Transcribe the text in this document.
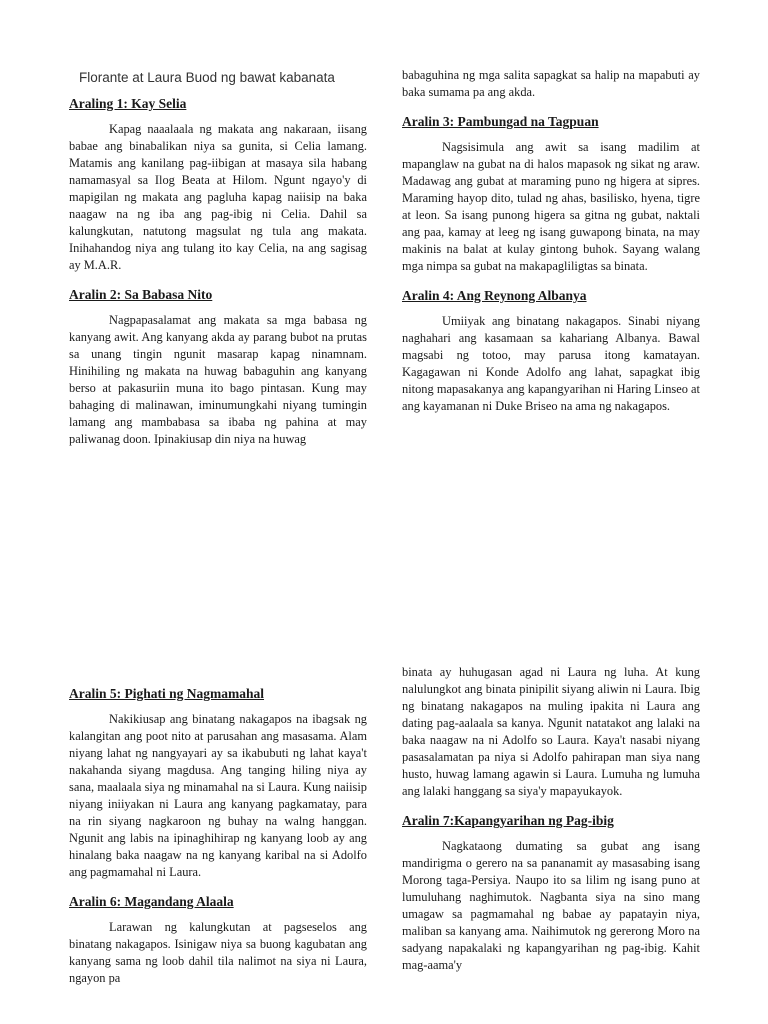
Florante at Laura Buod ng bawat kabanata
Araling 1: Kay Selia

Kapag naaalaala ng makata ang nakaraan, iisang babae ang binabalikan niya sa gunita, si Celia lamang. Matamis ang kanilang pag-iibigan at masaya sila habang namamasyal sa Ilog Beata at Hilom. Ngunt ngayo'y di mapigilan ng makata ang pagluha kapag naiisip na baka naagaw na ng iba ang pag-ibig ni Celia. Dahil sa kalungkutan, natutong magsulat ng tula ang makata. Inihahandog niya ang tulang ito kay Celia, na ang sagisag ay M.A.R.

Aralin 2: Sa Babasa Nito

Nagpapasalamat ang makata sa mga babasa ng kanyang awit. Ang kanyang akda ay parang bubot na prutas sa unang tingin ngunit masarap kapag ninamnam. Hinihiling ng makata na huwag babaguhin ang kanyang berso at pakasuriin muna ito bago pintasan. Kung may bahaging di malinawan, iminumungkahi niyang tumingin lamang ang mambabasa sa ibaba ng pahina at may paliwanag doon. Ipinakiusap din niya na huwag

babaguhina ng mga salita sapagkat sa halip na mapabuti ay baka sumama pa ang akda.

Aralin 3: Pambungad na Tagpuan

Nagsisimula ang awit sa isang madilim at mapanglaw na gubat na di halos mapasok ng sikat ng araw. Madawag ang gubat at maraming puno ng higera at sipres. Maraming hayop dito, tulad ng ahas, basilisko, hyena, tigre at leon. Sa isang punong higera sa gitna ng gubat, naktali ang paa, kamay at leeg ng isang guwapong binata, na may makinis na balat at kulay gintong buhok. Sayang walang mga nimpa sa gubat na makapagliligtas sa binata.

Aralin 4: Ang Reynong Albanya

Umiiyak ang binatang nakagapos. Sinabi niyang naghahari ang kasamaan sa kahariang Albanya. Bawal magsabi ng totoo, may parusa itong kamatayan. Kagagawan ni Konde Adolfo ang lahat, sapagkat ibig nitong mapasakanya ang kapangyarihan ni Haring Linseo at ang kayamanan ni Duke Briseo na ama ng nakagapos.

Aralin 5: Pighati ng Nagmamahal

Nakikiusap ang binatang nakagapos na ibagsak ng kalangitan ang poot nito at parusahan ang masasama. Alam niyang lahat ng nangyayari ay sa ikabubuti ng lahat kaya't nakahanda siyang magdusa. Ang tanging hiling niya ay sana, maalaala siya ng minamahal na si Laura. Kung naiisip niyang iniiyakan ni Laura ang kanyang pagkamatay, para na rin siyang nagkaroon ng buhay na walng hanggan. Ngunit ang labis na ipinaghihirap ng kanyang loob ay ang hinalang baka naagaw na ng kanyang karibal na si Adolfo ang pagmamahal ni Laura.

Aralin 6: Magandang Alaala

Larawan ng kalungkutan at pagseselos ang binatang nakagapos. Isinigaw niya sa buong kagubatan ang kanyang sama ng loob dahil tila nalimot na siya ni Laura, ngayon pa

binata ay huhugasan agad ni Laura ng luha. At kung nalulungkot ang binata pinipilit siyang aliwin ni Laura. Ibig ng binatang nakagapos na muling ipakita ni Laura ang dating pag-aalaala sa kanya. Ngunit natatakot ang lalaki na baka naagaw na ni Adolfo so Laura. Kaya't nasabi niyang pasasalamatan pa niya si Adolfo pahirapan man siya nang husto, huwag lamang agawin si Laura. Lumuha ng lumuha ang lalaki hanggang sa siya'y mapayukayok.

Aralin 7:Kapangyarihan ng Pag-ibig

Nagkataong dumating sa gubat ang isang mandirigma o gerero na sa pananamit ay masasabing isang Morong taga-Persiya. Naupo ito sa lilim ng isang puno at lumuluhang naghimutok. Nagbanta siya na sino mang umagaw sa pagmamahal ng babae ay papatayin niya, maliban sa kanyang ama. Naihimutok ng gererong Moro na sadyang napakalaki ng kapangyarihan ng pag-ibig. Kahit mag-aama'y
